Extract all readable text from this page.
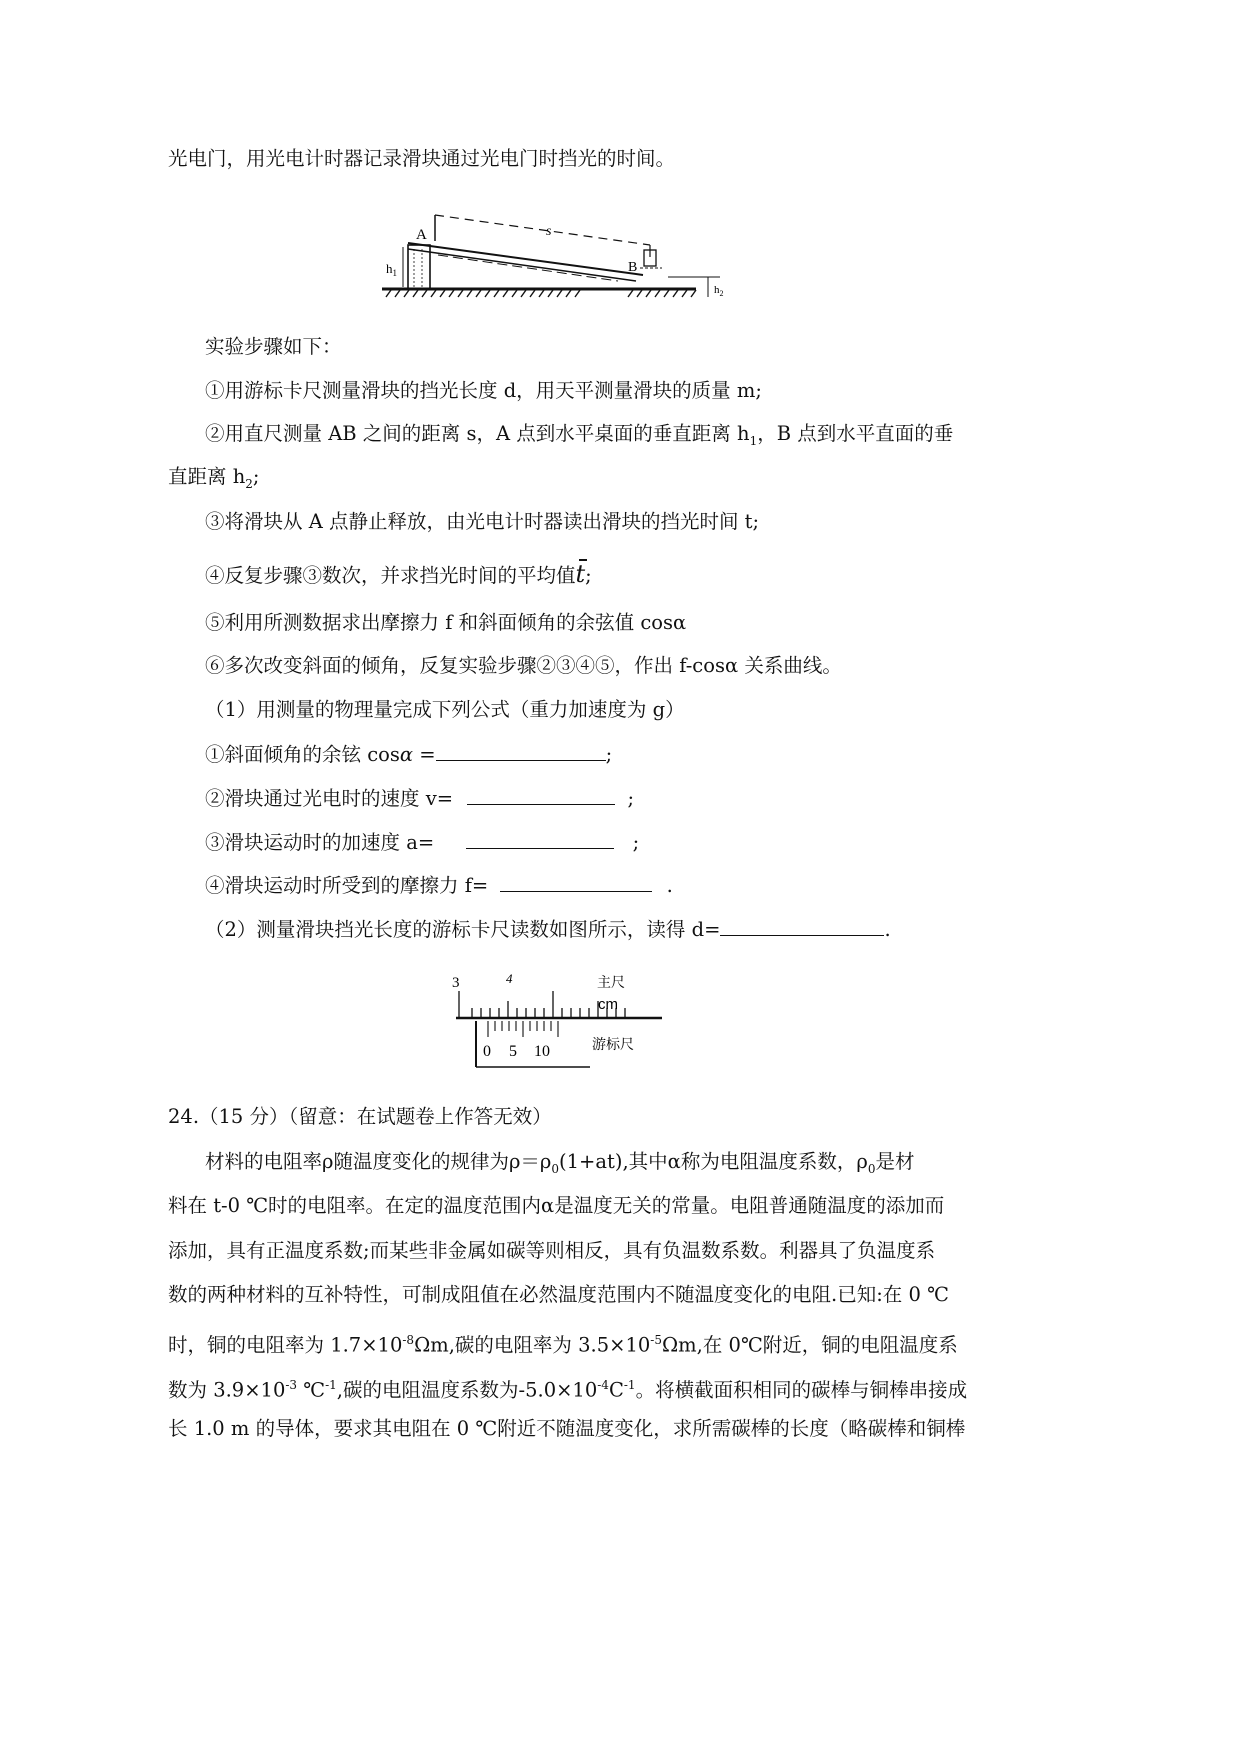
光电门，用光电计时器记录滑块通过光电门时挡光的时间。
A
B
s
$h_1$
$h_2$
实验步骤如下：
①用游标卡尺测量滑块的挡光长度 d，用天平测量滑块的质量 m;
②用直尺测量 AB 之间的距离 s，A 点到水平桌面的垂直距离 $h_1$，B 点到水平直面的垂
直距离 $h_2$;
③将滑块从 A 点静止释放，由光电计时器读出滑块的挡光时间 t;
④反复步骤③数次，并求挡光时间的平均值t;
⑤利用所测数据求出摩擦力 f 和斜面倾角的余弦值 cosα
⑥多次改变斜面的倾角，反复实验步骤②③④⑤，作出 f-cosα 关系曲线。
（1）用测量的物理量完成下列公式（重力加速度为 g）
①斜面倾角的余铉 cosα =	;
②滑块通过光电时的速度 v=	;
③滑块运动时的加速度 a=	;
④滑块运动时所受到的摩擦力 f=	.
（2）测量滑块挡光长度的游标卡尺读数如图所示，读得 d=	.
3	4	主尺
cm
0 5 10	游标尺
24.（15 分）（留意：在试题卷上作答无效）
材料的电阻率ρ随温度变化的规律为$\rho=\rho_0(1+at)$,其中α称为电阻温度系数，$\rho_0$是材
料在 t-0 ℃时的电阻率。在定的温度范围内α是温度无关的常量。电阻普通随温度的添加而
添加，具有正温度系数;而某些非金属如碳等则相反，具有负温数系数。利器具了负温度系
数的两种材料的互补特性，可制成阻值在必然温度范围内不随温度变化的电阻.已知:在 0 ℃
时，铜的电阻率为 $1.7\times 10^{-8}\Omega m$,碳的电阻率为 $3.5\times 10^{-5}\Omega m$,在 0℃附近，铜的电阻温度系
数为 $3.9\times 10^{-3}$ ℃$^{-1}$,碳的电阻温度系数为$-5.0\times 10^{-4}C^{-1}$。将横截面积相同的碳棒与铜棒串接成
长 1.0 m 的导体，要求其电阻在 0 ℃附近不随温度变化，求所需碳棒的长度（略碳棒和铜棒
